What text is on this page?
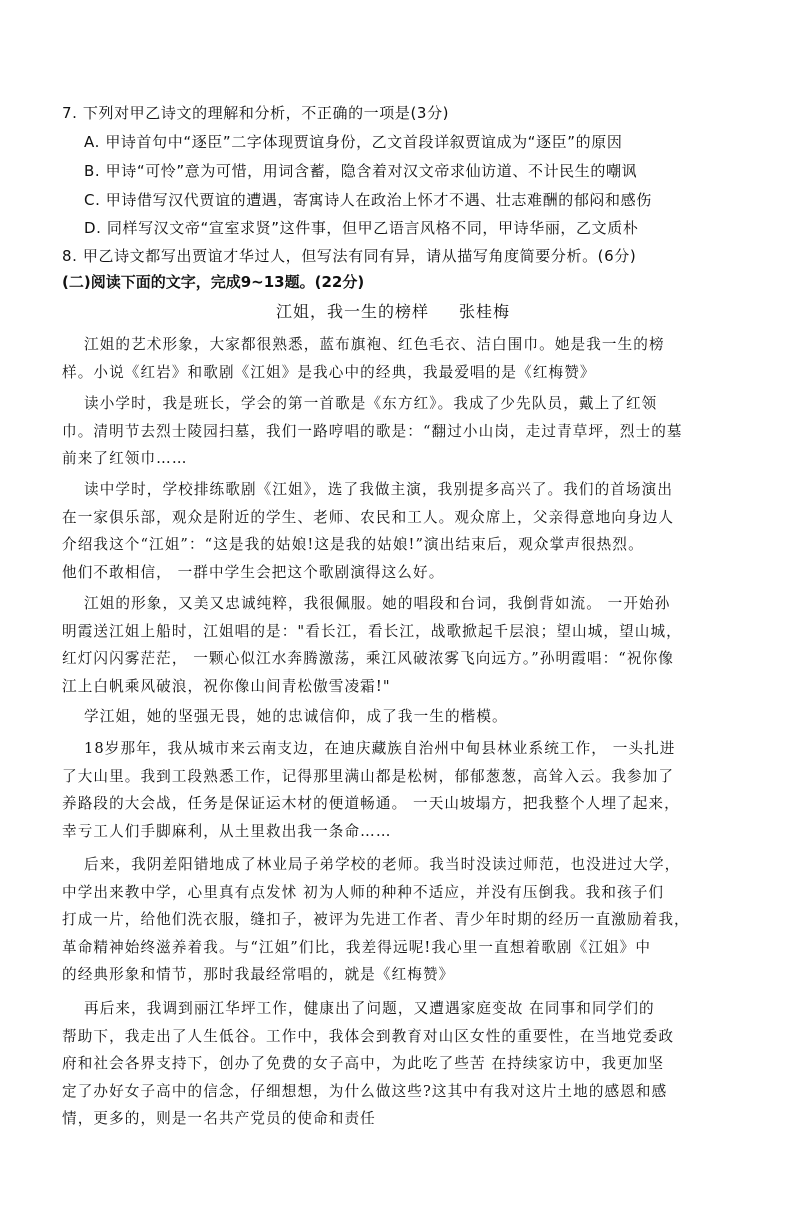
7. 下列对甲乙诗文的理解和分析，不正确的一项是(3分)
A. 甲诗首句中“逐臣”二字体现贾谊身份，乙文首段详叙贾谊成为“逐臣”的原因
B. 甲诗“可怜”意为可惜，用词含蓄，隐含着对汉文帝求仙访道、不计民生的嘲讽
C. 甲诗借写汉代贾谊的遭遇，寄寓诗人在政治上怀才不遇、壮志难酬的郁闷和感伤
D. 同样写汉文帝“宣室求贤”这件事，但甲乙语言风格不同，甲诗华丽，乙文质朴
8. 甲乙诗文都写出贾谊才华过人，但写法有同有异，请从描写角度简要分析。(6分)
(二)阅读下面的文字，完成9~13题。(22分)
江姐，我一生的榜样 张桂梅
江姐的艺术形象，大家都很熟悉，蓝布旗袍、红色毛衣、洁白围巾。她是我一生的榜
样。小说《红岩》和歌剧《江姐》是我心中的经典，我最爱唱的是《红梅赞》
读小学时，我是班长，学会的第一首歌是《东方红》。我成了少先队员，戴上了红领
巾。清明节去烈士陵园扫墓，我们一路哼唱的歌是：“翻过小山岗，走过青草坪，烈士的墓
前来了红领巾……
读中学时，学校排练歌剧《江姐》，选了我做主演，我别提多高兴了。我们的首场演出
在一家俱乐部，观众是附近的学生、老师、农民和工人。观众席上，父亲得意地向身边人
介绍我这个“江姐”：“这是我的姑娘!这是我的姑娘!”演出结束后，观众掌声很热烈。
他们不敢相信， 一群中学生会把这个歌剧演得这么好。
江姐的形象，又美又忠诚纯粹，我很佩服。她的唱段和台词，我倒背如流。 一开始孙
明霞送江姐上船时，江姐唱的是："看长江，看长江，战歌掀起千层浪；望山城，望山城，
红灯闪闪雾茫茫， 一颗心似江水奔腾激荡，乘江风破浓雾飞向远方。”孙明霞唱：“祝你像
江上白帆乘风破浪，祝你像山间青松傲雪凌霜!"
学江姐，她的坚强无畏，她的忠诚信仰，成了我一生的楷模。
18岁那年，我从城市来云南支边，在迪庆藏族自治州中甸县林业系统工作， 一头扎进
了大山里。我到工段熟悉工作，记得那里满山都是松树，郁郁葱葱，高耸入云。我参加了
养路段的大会战，任务是保证运木材的便道畅通。 一天山坡塌方，把我整个人埋了起来，
幸亏工人们手脚麻利，从土里救出我一条命……
后来，我阴差阳错地成了林业局子弟学校的老师。我当时没读过师范，也没进过大学，
中学出来教中学，心里真有点发怵 初为人师的种种不适应，并没有压倒我。我和孩子们
打成一片，给他们洗衣服，缝扣子，被评为先进工作者、青少年时期的经历一直激励着我，
革命精神始终滋养着我。与“江姐”们比，我差得远呢!我心里一直想着歌剧《江姐》中
的经典形象和情节，那时我最经常唱的，就是《红梅赞》
再后来，我调到丽江华坪工作，健康出了问题，又遭遇家庭变故 在同事和同学们的
帮助下，我走出了人生低谷。工作中，我体会到教育对山区女性的重要性，在当地党委政
府和社会各界支持下，创办了免费的女子高中，为此吃了些苦 在持续家访中，我更加坚
定了办好女子高中的信念，仔细想想，为什么做这些?这其中有我对这片土地的感恩和感
情，更多的，则是一名共产党员的使命和责任
